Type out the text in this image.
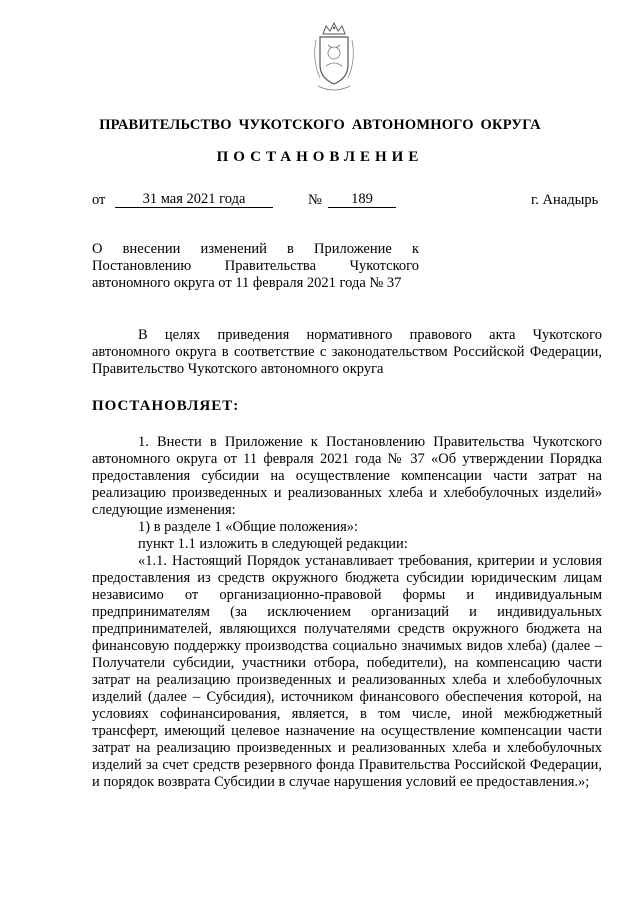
ПРАВИТЕЛЬСТВО ЧУКОТСКОГО АВТОНОМНОГО ОКРУГА
ПОСТАНОВЛЕНИЕ
от	31 мая 2021 года	№	189	г. Анадырь
О внесении изменений в Приложение к
Постановлению Правительства Чукотского
автономного округа от 11 февраля 2021 года № 37

В целях приведения нормативного правового акта Чукотского автономного округа в соответствие с законодательством Российской Федерации, Правительство Чукотского автономного округа

ПОСТАНОВЛЯЕТ:

1. Внести в Приложение к Постановлению Правительства Чукотского автономного округа от 11 февраля 2021 года № 37 «Об утверждении Порядка предоставления субсидии на осуществление компенсации части затрат на реализацию произведенных и реализованных хлеба и хлебобулочных изделий» следующие изменения:

1) в разделе 1 «Общие положения»:

пункт 1.1 изложить в следующей редакции:

«1.1. Настоящий Порядок устанавливает требования, критерии и условия предоставления из средств окружного бюджета субсидии юридическим лицам независимо от организационно-правовой формы и индивидуальным предпринимателям (за исключением организаций и индивидуальных предпринимателей, являющихся получателями средств окружного бюджета на финансовую поддержку производства социально значимых видов хлеба) (далее – Получатели субсидии, участники отбора, победители), на компенсацию части затрат на реализацию произведенных и реализованных хлеба и хлебобулочных изделий (далее – Субсидия), источником финансового обеспечения которой, на условиях софинансирования, является, в том числе, иной межбюджетный трансферт, имеющий целевое назначение на осуществление компенсации части затрат на реализацию произведенных и реализованных хлеба и хлебобулочных изделий за счет средств резервного фонда Правительства Российской Федерации, и порядок возврата Субсидии в случае нарушения условий ее предоставления.»;
